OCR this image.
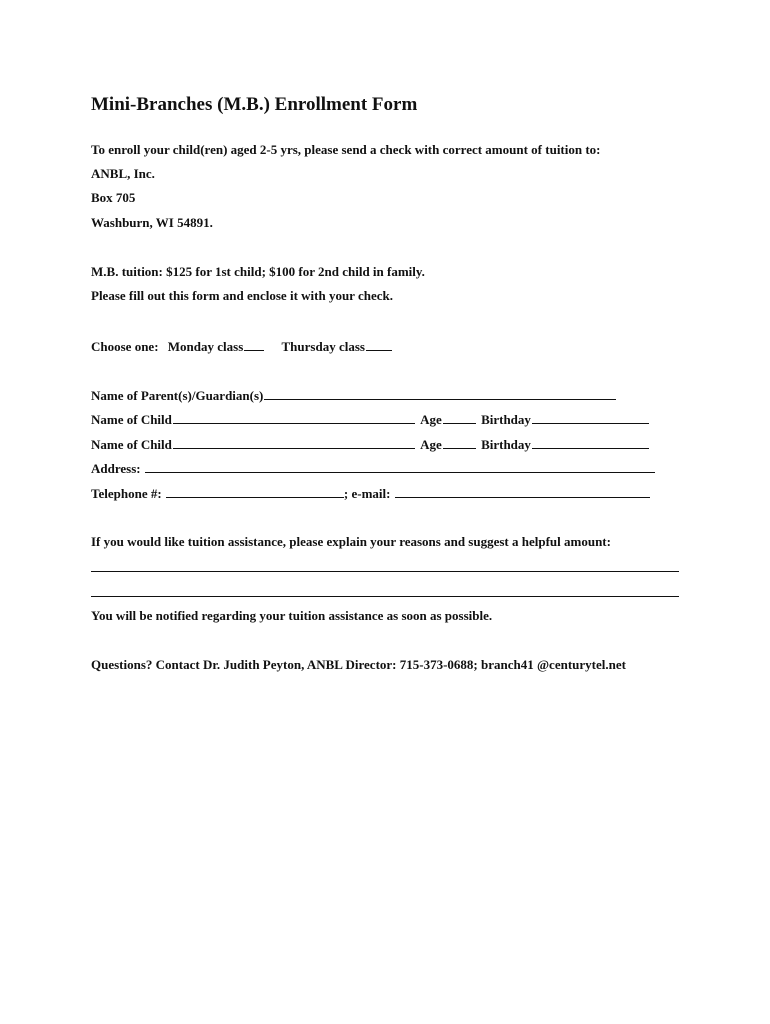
Mini-Branches (M.B.) Enrollment Form
To enroll your child(ren) aged 2-5 yrs, please send a check with correct amount of tuition to:
ANBL, Inc.
Box 705
Washburn, WI 54891.
M.B. tuition: $125 for 1st child; $100 for 2nd child in family.
Please fill out this form and enclose it with your check.
Choose one: Monday class	Thursday class
Name of Parent(s)/Guardian(s)
Name of Child	Age	Birthday
Name of Child	Age	Birthday
Address:
Telephone #:	; e-mail:
If you would like tuition assistance, please explain your reasons and suggest a helpful amount:
You will be notified regarding your tuition assistance as soon as possible.
Questions? Contact Dr. Judith Peyton, ANBL Director: 715-373-0688; branch41 @centurytel.net
